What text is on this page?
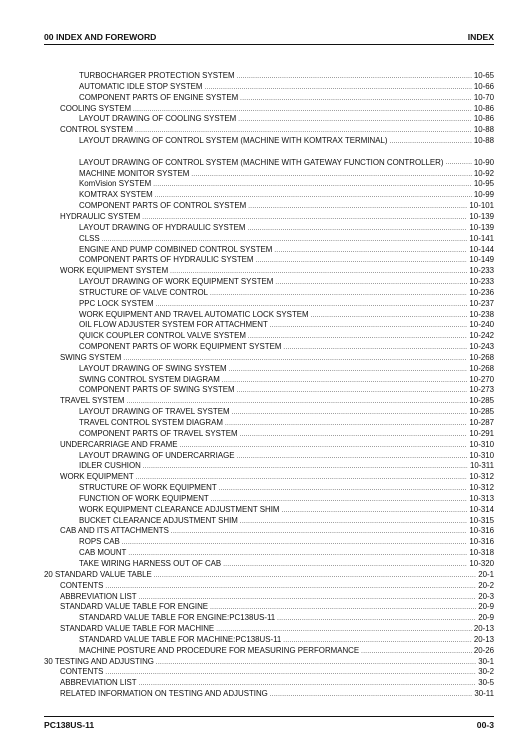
00 INDEX AND FOREWORD	INDEX
TURBOCHARGER PROTECTION SYSTEM .....	10-65
AUTOMATIC IDLE STOP SYSTEM .....	10-66
COMPONENT PARTS OF ENGINE SYSTEM .....	10-70
COOLING SYSTEM .....	10-86
LAYOUT DRAWING OF COOLING SYSTEM .....	10-86
CONTROL SYSTEM .....	10-88
LAYOUT DRAWING OF CONTROL SYSTEM (MACHINE WITH KOMTRAX TERMINAL) .....	10-88
LAYOUT DRAWING OF CONTROL SYSTEM (MACHINE WITH GATEWAY FUNCTION CONTROLLER) .....	10-90
MACHINE MONITOR SYSTEM .....	10-92
KomVision SYSTEM .....	10-95
KOMTRAX SYSTEM .....	10-99
COMPONENT PARTS OF CONTROL SYSTEM .....	10-101
HYDRAULIC SYSTEM .....	10-139
LAYOUT DRAWING OF HYDRAULIC SYSTEM .....	10-139
CLSS .....	10-141
ENGINE AND PUMP COMBINED CONTROL SYSTEM .....	10-144
COMPONENT PARTS OF HYDRAULIC SYSTEM .....	10-149
WORK EQUIPMENT SYSTEM .....	10-233
LAYOUT DRAWING OF WORK EQUIPMENT SYSTEM .....	10-233
STRUCTURE OF VALVE CONTROL .....	10-236
PPC LOCK SYSTEM .....	10-237
WORK EQUIPMENT AND TRAVEL AUTOMATIC LOCK SYSTEM .....	10-238
OIL FLOW ADJUSTER SYSTEM FOR ATTACHMENT .....	10-240
QUICK COUPLER CONTROL VALVE SYSTEM .....	10-242
COMPONENT PARTS OF WORK EQUIPMENT SYSTEM .....	10-243
SWING SYSTEM .....	10-268
LAYOUT DRAWING OF SWING SYSTEM .....	10-268
SWING CONTROL SYSTEM DIAGRAM .....	10-270
COMPONENT PARTS OF SWING SYSTEM .....	10-273
TRAVEL SYSTEM .....	10-285
LAYOUT DRAWING OF TRAVEL SYSTEM .....	10-285
TRAVEL CONTROL SYSTEM DIAGRAM .....	10-287
COMPONENT PARTS OF TRAVEL SYSTEM .....	10-291
UNDERCARRIAGE AND FRAME .....	10-310
LAYOUT DRAWING OF UNDERCARRIAGE .....	10-310
IDLER CUSHION .....	10-311
WORK EQUIPMENT .....	10-312
STRUCTURE OF WORK EQUIPMENT .....	10-312
FUNCTION OF WORK EQUIPMENT .....	10-313
WORK EQUIPMENT CLEARANCE ADJUSTMENT SHIM .....	10-314
BUCKET CLEARANCE ADJUSTMENT SHIM .....	10-315
CAB AND ITS ATTACHMENTS .....	10-316
ROPS CAB .....	10-316
CAB MOUNT .....	10-318
TAKE WIRING HARNESS OUT OF CAB .....	10-320
20 STANDARD VALUE TABLE .....	20-1
CONTENTS .....	20-2
ABBREVIATION LIST .....	20-3
STANDARD VALUE TABLE FOR ENGINE .....	20-9
STANDARD VALUE TABLE FOR ENGINE:PC138US-11 .....	20-9
STANDARD VALUE TABLE FOR MACHINE .....	20-13
STANDARD VALUE TABLE FOR MACHINE:PC138US-11 .....	20-13
MACHINE POSTURE AND PROCEDURE FOR MEASURING PERFORMANCE .....	20-26
30 TESTING AND ADJUSTING .....	30-1
CONTENTS .....	30-2
ABBREVIATION LIST .....	30-5
RELATED INFORMATION ON TESTING AND ADJUSTING .....	30-11
PC138US-11	00-3
